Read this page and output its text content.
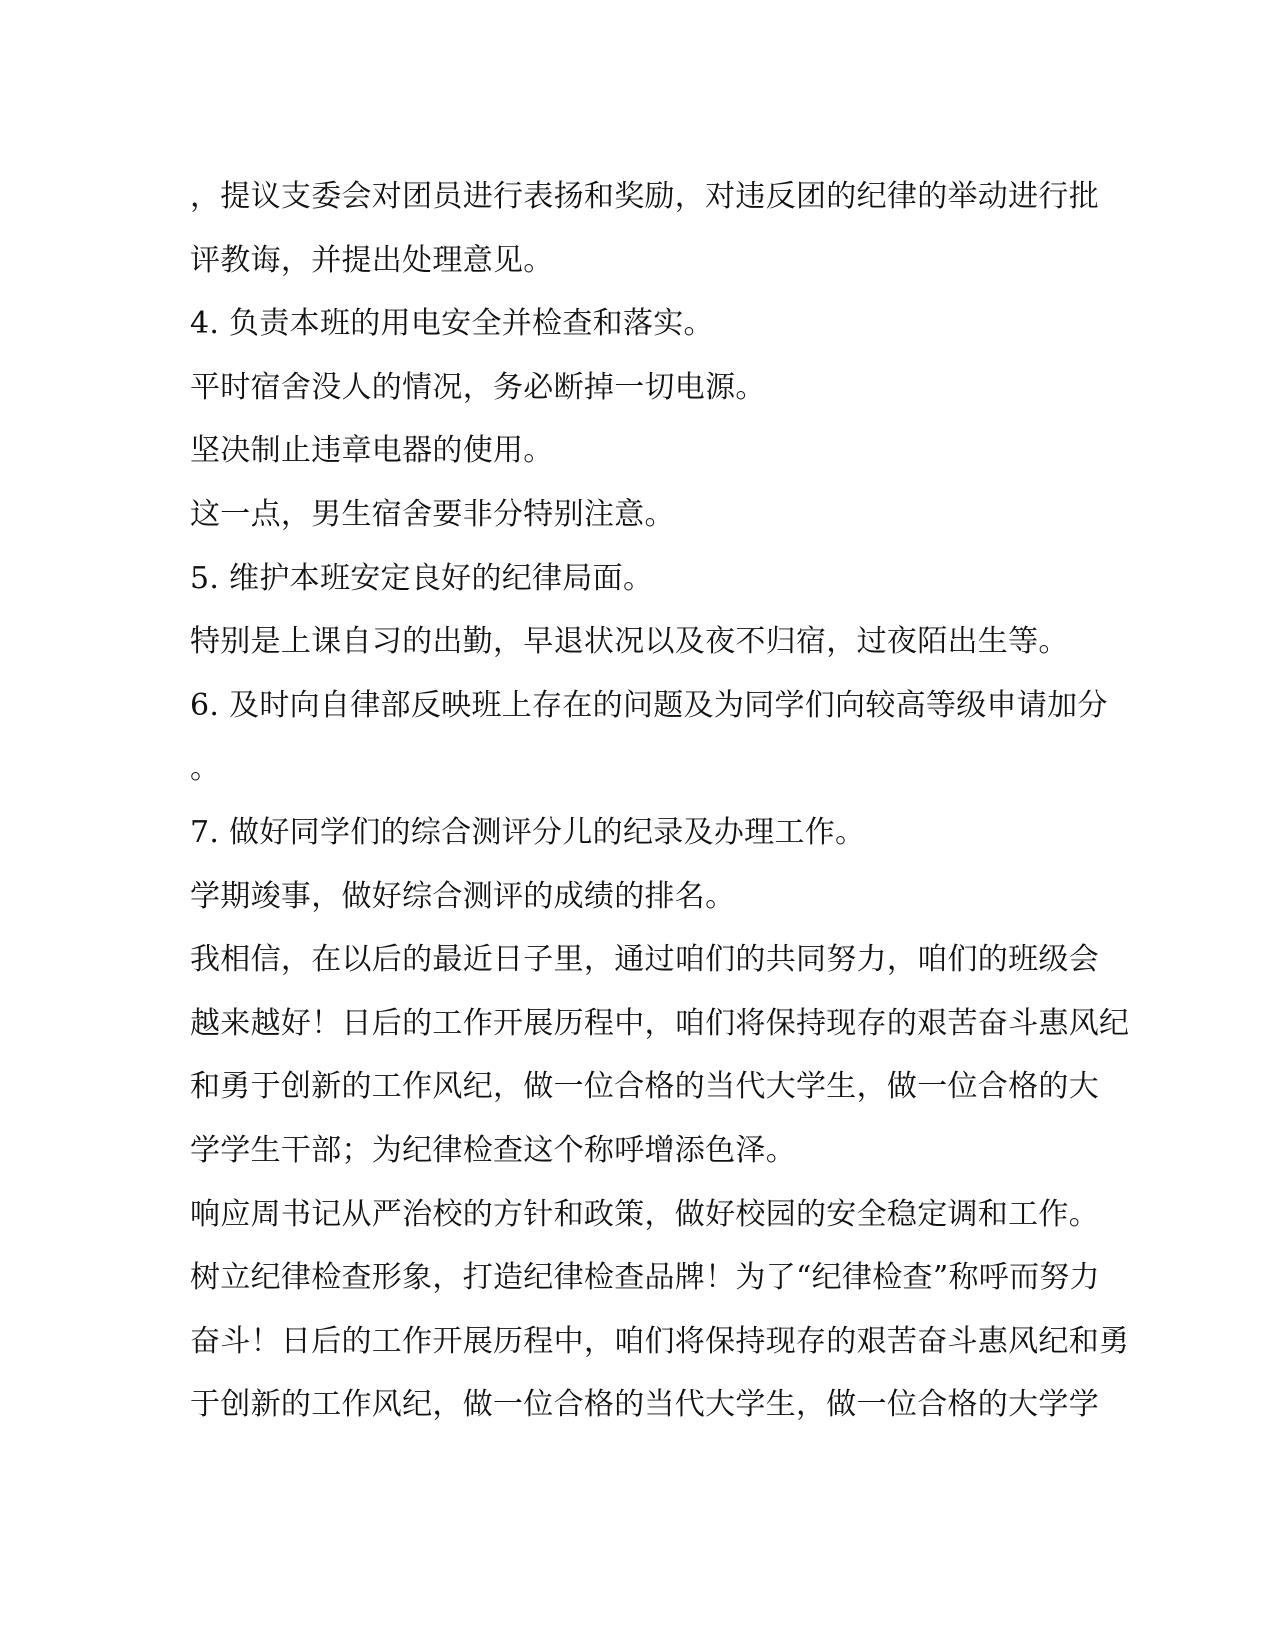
，提议支委会对团员进行表扬和奖励，对违反团的纪律的举动进行批
评教诲，并提出处理意见。
4. 负责本班的用电安全并检查和落实。
平时宿舍没人的情况，务必断掉一切电源。
坚决制止违章电器的使用。
这一点，男生宿舍要非分特别注意。
5. 维护本班安定良好的纪律局面。
特别是上课自习的出勤，早退状况以及夜不归宿，过夜陌出生等。
6. 及时向自律部反映班上存在的问题及为同学们向较高等级申请加分
。
7. 做好同学们的综合测评分儿的纪录及办理工作。
学期竣事，做好综合测评的成绩的排名。
我相信，在以后的最近日子里，通过咱们的共同努力，咱们的班级会
越来越好！日后的工作开展历程中，咱们将保持现存的艰苦奋斗惠风纪
和勇于创新的工作风纪，做一位合格的当代大学生，做一位合格的大
学学生干部；为纪律检查这个称呼增添色泽。
响应周书记从严治校的方针和政策，做好校园的安全稳定调和工作。
树立纪律检查形象，打造纪律检查品牌！为了“纪律检查”称呼而努力
奋斗！日后的工作开展历程中，咱们将保持现存的艰苦奋斗惠风纪和勇
于创新的工作风纪，做一位合格的当代大学生，做一位合格的大学学
